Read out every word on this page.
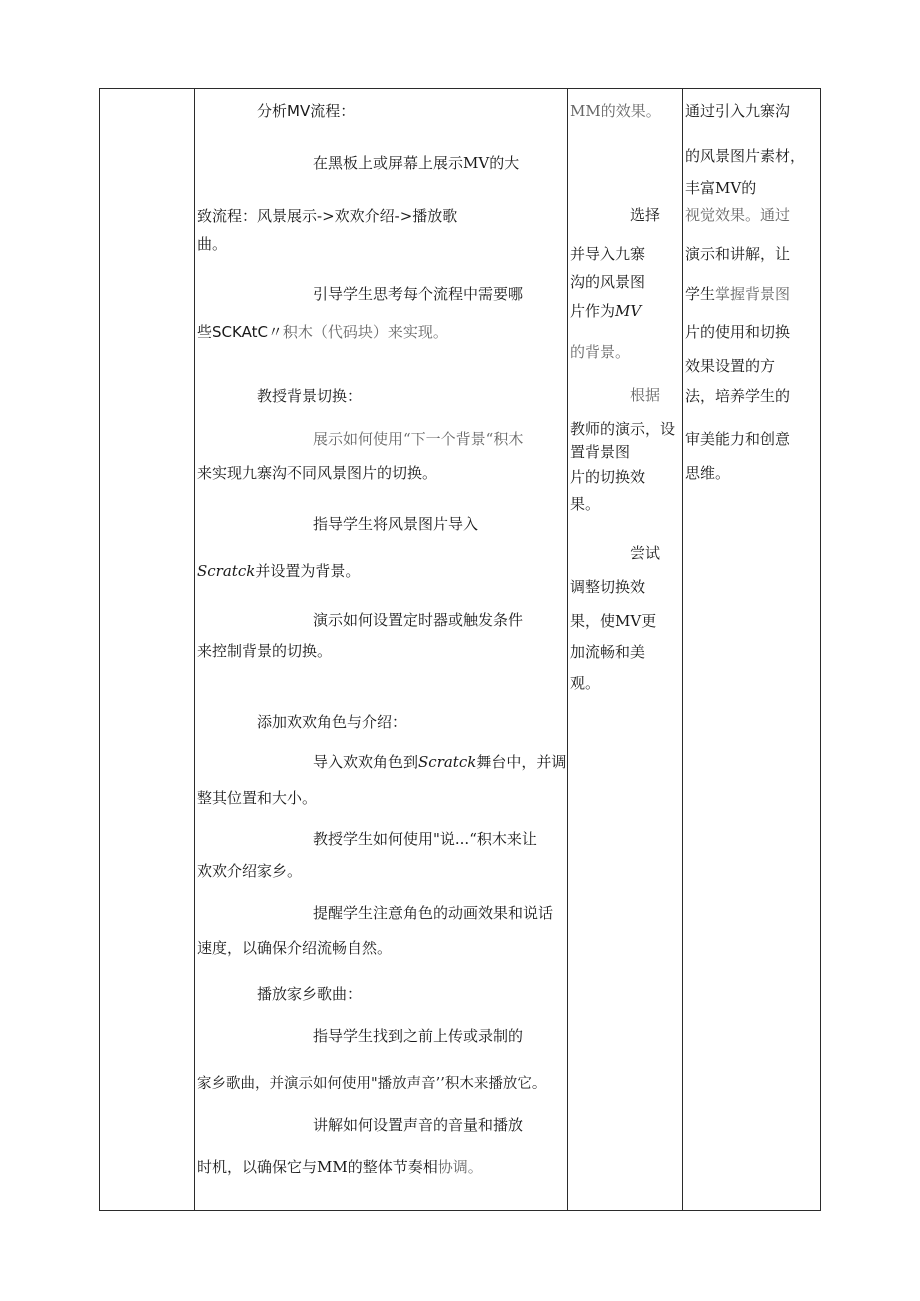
分析MV流程：
在黑板上或屏幕上展示MV的大
致流程：风景展示->欢欢介绍->播放歌
曲。
引导学生思考每个流程中需要哪
些SCKAtC〃积木（代码块）来实现。
教授背景切换：
展示如何使用“下一个背景“积木
来实现九寨沟不同风景图片的切换。
指导学生将风景图片导入
Scratck并设置为背景。
演示如何设置定时器或触发条件
来控制背景的切换。
添加欢欢角色与介绍：
导入欢欢角色到Scratck舞台中，并调
整其位置和大小。
教授学生如何使用"说...“积木来让
欢欢介绍家乡。
提醒学生注意角色的动画效果和说话
速度，以确保介绍流畅自然。
播放家乡歌曲：
指导学生找到之前上传或录制的
家乡歌曲，并演示如何使用"播放声音’’积木来播放它。
讲解如何设置声音的音量和播放
时机，以确保它与MM的整体节奏相协调。
MM的效果。
选择
并导入九寨
沟的风景图
片作为MV
的背景。
根据
教师的演示，设
置背景图
片的切换效
果。
尝试
调整切换效
果，使MV更
加流畅和美
观。
通过引入九寨沟
的风景图片素材，
丰富MV的
视觉效果。通过
演示和讲解，让
学生掌握背景图
片的使用和切换
效果设置的方
法，培养学生的
审美能力和创意
思维。
